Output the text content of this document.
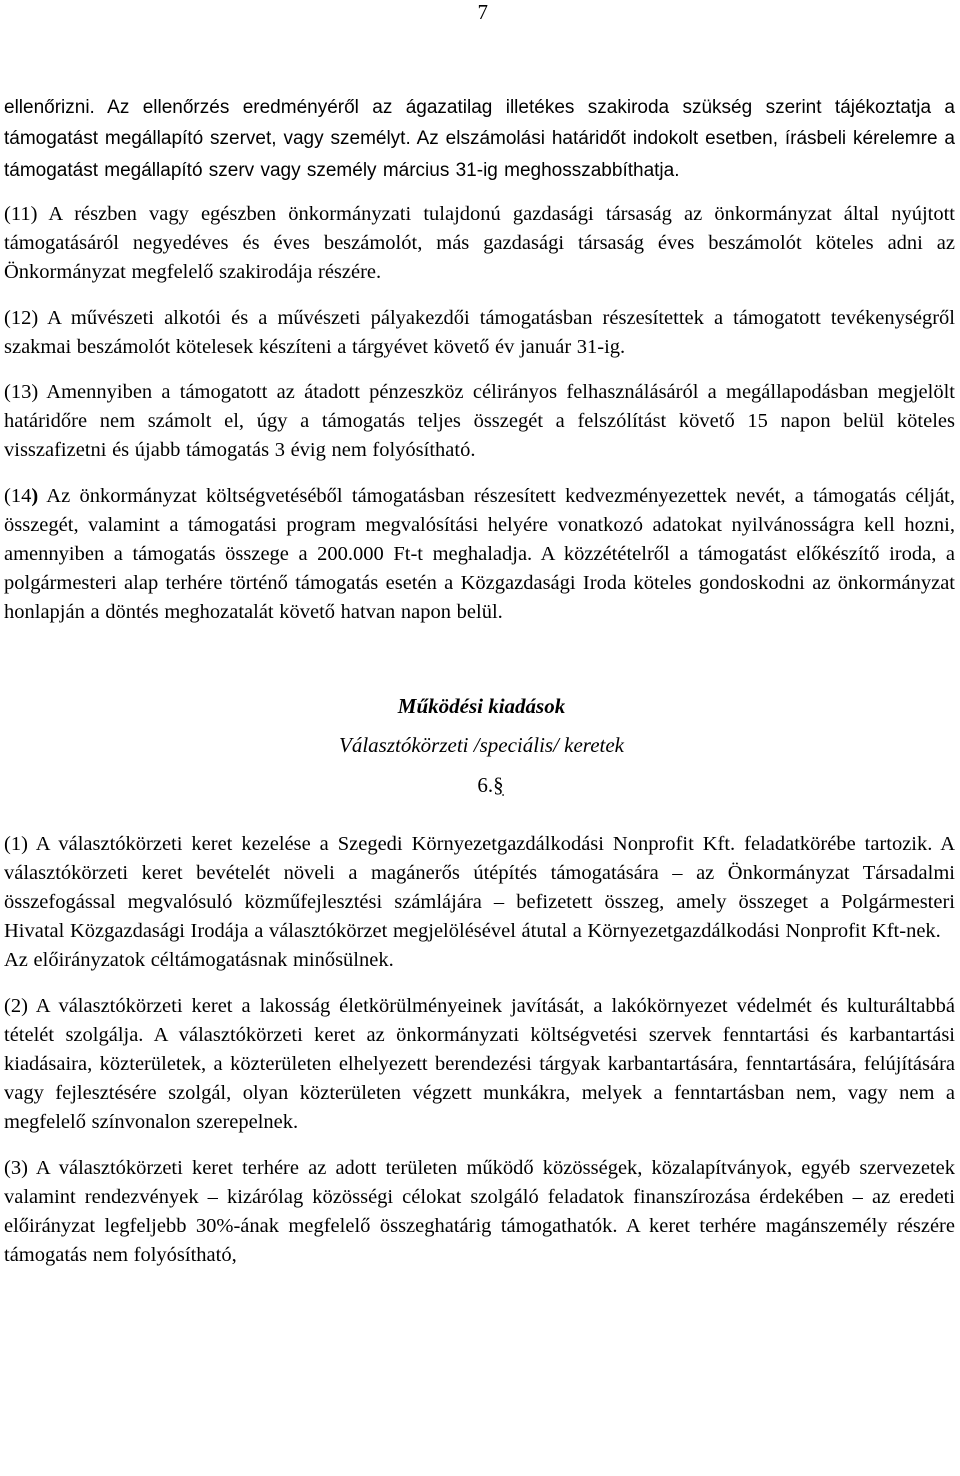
7

ellenőrizni. Az ellenőrzés eredményéről az ágazatilag illetékes szakiroda szükség szerint tájékoztatja a támogatást megállapító szervet, vagy személyt. Az elszámolási határidőt indokolt esetben, írásbeli kérelemre a támogatást megállapító szerv vagy személy március 31-ig meghosszabbíthatja.

(11) A részben vagy egészben önkormányzati tulajdonú gazdasági társaság az önkormányzat által nyújtott támogatásáról negyedéves és éves beszámolót, más gazdasági társaság éves beszámolót köteles adni az Önkormányzat megfelelő szakirodája részére.

(12) A művészeti alkotói és a művészeti pályakezdői támogatásban részesítettek a támogatott tevékenységről szakmai beszámolót kötelesek készíteni a tárgyévet követő év január 31-ig.

(13) Amennyiben a támogatott az átadott pénzeszköz célirányos felhasználásáról a megállapodásban megjelölt határidőre nem számolt el, úgy a támogatás teljes összegét a felszólítást követő 15 napon belül köteles visszafizetni és újabb támogatás 3 évig nem folyósítható.

(14) Az önkormányzat költségvetéséből támogatásban részesített kedvezményezettek nevét, a támogatás célját, összegét, valamint a támogatási program megvalósítási helyére vonatkozó adatokat nyilvánosságra kell hozni, amennyiben a támogatás összege a 200.000 Ft-t meghaladja. A közzétételről a támogatást előkészítő iroda, a polgármesteri alap terhére történő támogatás esetén a Közgazdasági Iroda köteles gondoskodni az önkormányzat honlapján a döntés meghozatalát követő hatvan napon belül.

Működési kiadások

Választókörzeti /speciális/ keretek

6.§

(1) A választókörzeti keret kezelése a Szegedi Környezetgazdálkodási Nonprofit Kft. feladatkörébe tartozik. A választókörzeti keret bevételét növeli a magánerős útépítés támogatására – az Önkormányzat Társadalmi összefogással megvalósuló közműfejlesztési számlájára – befizetett összeg, amely összeget a Polgármesteri Hivatal Közgazdasági Irodája a választókörzet megjelölésével átutal a Környezetgazdálkodási Nonprofit Kft-nek.
Az előirányzatok céltámogatásnak minősülnek.

(2) A választókörzeti keret a lakosság életkörülményeinek javítását, a lakókörnyezet védelmét és kulturáltabbá tételét szolgálja. A választókörzeti keret az önkormányzati költségvetési szervek fenntartási és karbantartási kiadásaira, közterületek, a közterületen elhelyezett berendezési tárgyak karbantartására, fenntartására, felújítására vagy fejlesztésére szolgál, olyan közterületen végzett munkákra, melyek a fenntartásban nem, vagy nem a megfelelő színvonalon szerepelnek.

(3) A választókörzeti keret terhére az adott területen működő közösségek, közalapítványok, egyéb szervezetek valamint rendezvények – kizárólag közösségi célokat szolgáló feladatok finanszírozása érdekében – az eredeti előirányzat legfeljebb 30%-ának megfelelő összeghatárig támogathatók. A keret terhére magánszemély részére támogatás nem folyósítható,
